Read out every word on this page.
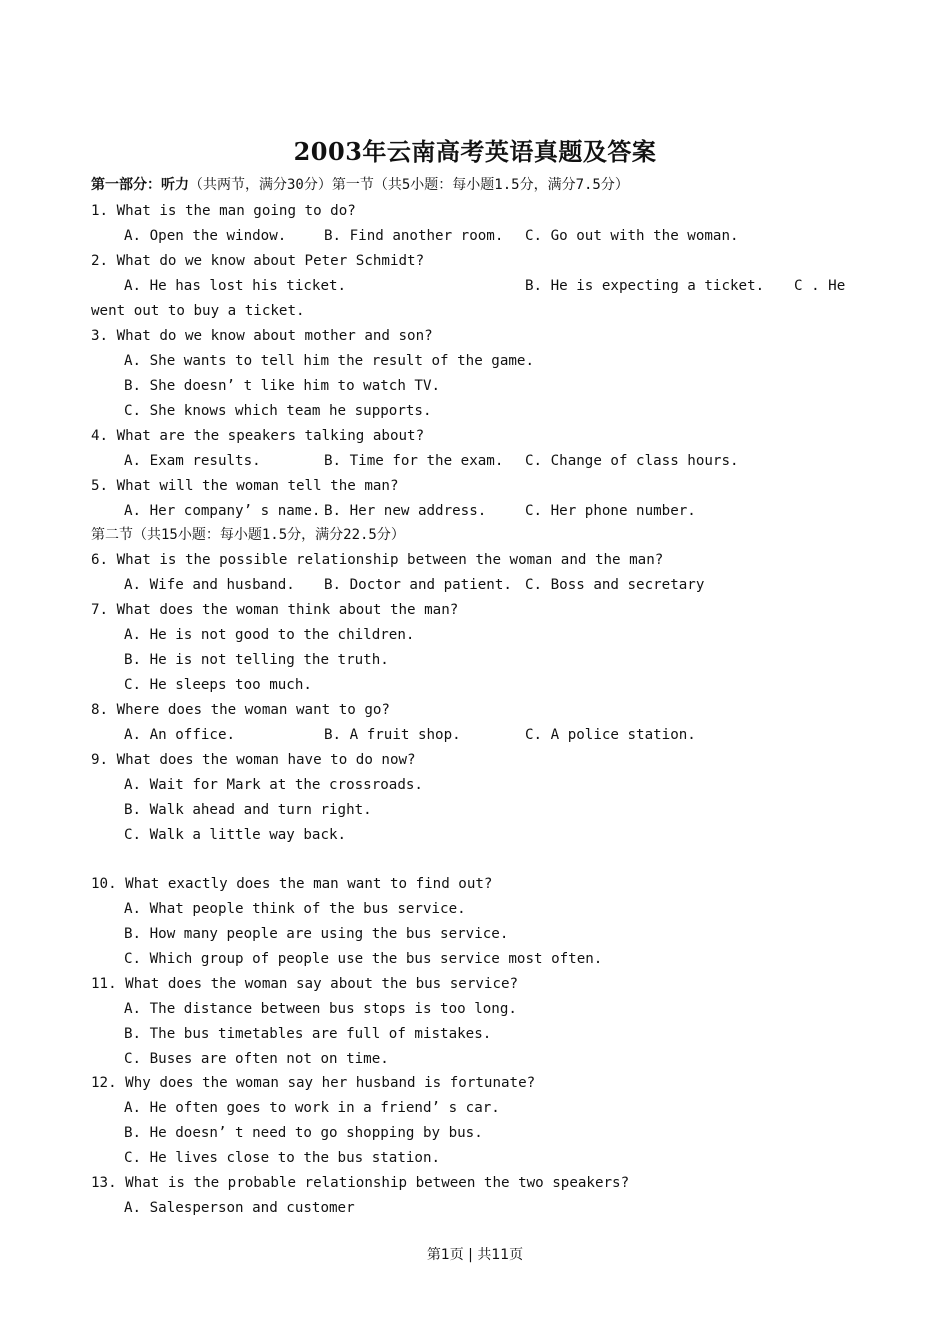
2003年云南高考英语真题及答案
第一部分：听力（共两节，满分30分）第一节（共5小题：每小题1.5分，满分7.5分）
1. What is the man going to do?
A. Open the window.	B. Find another room. C. Go out with the woman.
2. What do we know about Peter Schmidt?
A. He has lost his ticket.	B. He is expecting a ticket. C . He
went out to buy a ticket.
3. What do we know about mother and son?
A. She wants to tell him the result of the game.
B. She doesn’ t like him to watch TV.
C. She knows which team he supports.
4. What are the speakers talking about?
A. Exam results.	B. Time for the exam. C. Change of class hours.
5. What will the woman tell the man?
A. Her company’ s name. B. Her new address.	C. Her phone number.
第二节（共15小题：每小题1.5分，满分22.5分）
6. What is the possible relationship between the woman and the man?
A. Wife and husband. B. Doctor and patient. C. Boss and secretary
7. What does the woman think about the man?
A. He is not good to the children.
B. He is not telling the truth.
C. He sleeps too much.
8. Where does the woman want to go?
A. An office.	B. A fruit shop.	C. A police station.
9. What does the woman have to do now?
A. Wait for Mark at the crossroads.
B. Walk ahead and turn right.
C. Walk a little way back.
10. What exactly does the man want to find out?
A. What people think of the bus service.
B. How many people are using the bus service.
C. Which group of people use the bus service most often.
11. What does the woman say about the bus service?
A. The distance between bus stops is too long.
B. The bus timetables are full of mistakes.
C. Buses are often not on time.
12. Why does the woman say her husband is fortunate?
A. He often goes to work in a friend’ s car.
B. He doesn’ t need to go shopping by bus.
C. He lives close to the bus station.
13. What is the probable relationship between the two speakers?
A. Salesperson and customer
第1页 | 共11页
